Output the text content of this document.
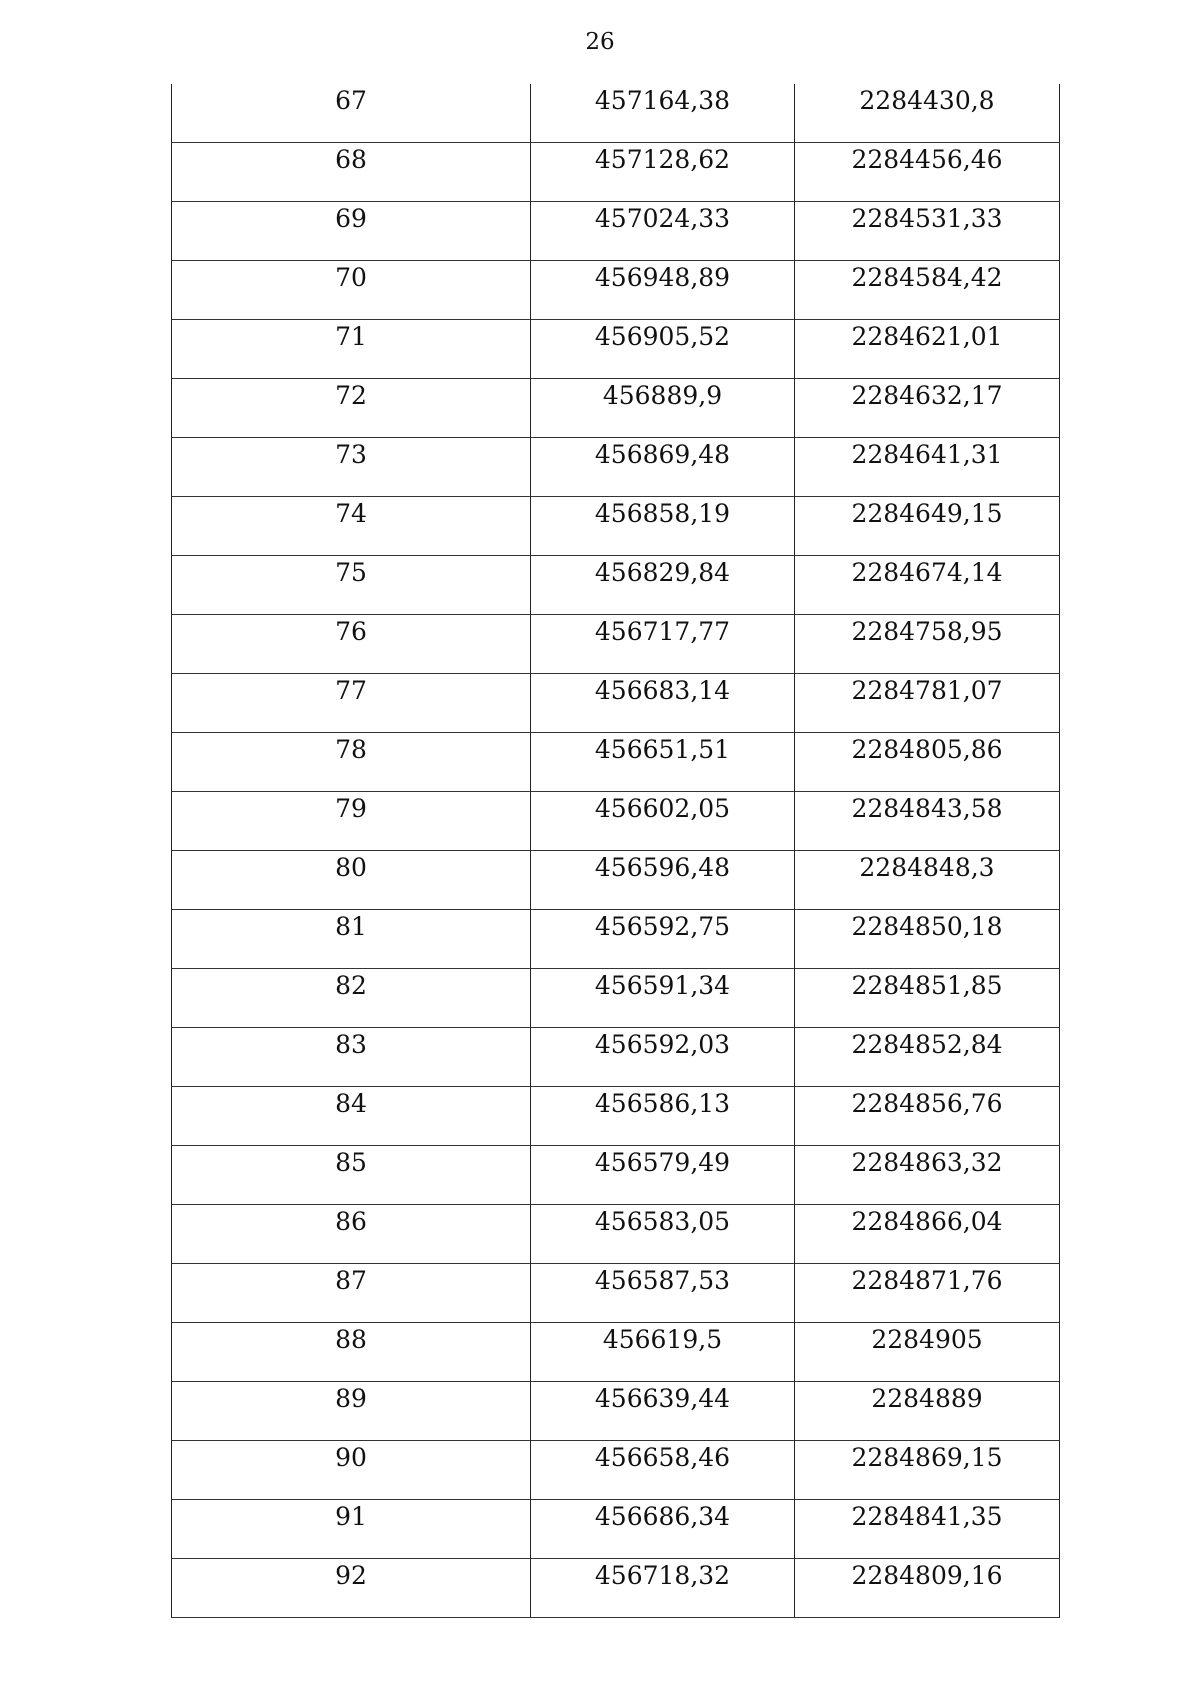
26
67	457164,38	2284430,8

68	457128,62	2284456,46

69	457024,33	2284531,33

70	456948,89	2284584,42

71	456905,52	2284621,01

72	456889,9	2284632,17

73	456869,48	2284641,31

74	456858,19	2284649,15

75	456829,84	2284674,14

76	456717,77	2284758,95

77	456683,14	2284781,07

78	456651,51	2284805,86

79	456602,05	2284843,58

80	456596,48	2284848,3

81	456592,75	2284850,18

82	456591,34	2284851,85

83	456592,03	2284852,84

84	456586,13	2284856,76

85	456579,49	2284863,32

86	456583,05	2284866,04

87	456587,53	2284871,76

88	456619,5	2284905

89	456639,44	2284889

90	456658,46	2284869,15

91	456686,34	2284841,35

92	456718,32	2284809,16
